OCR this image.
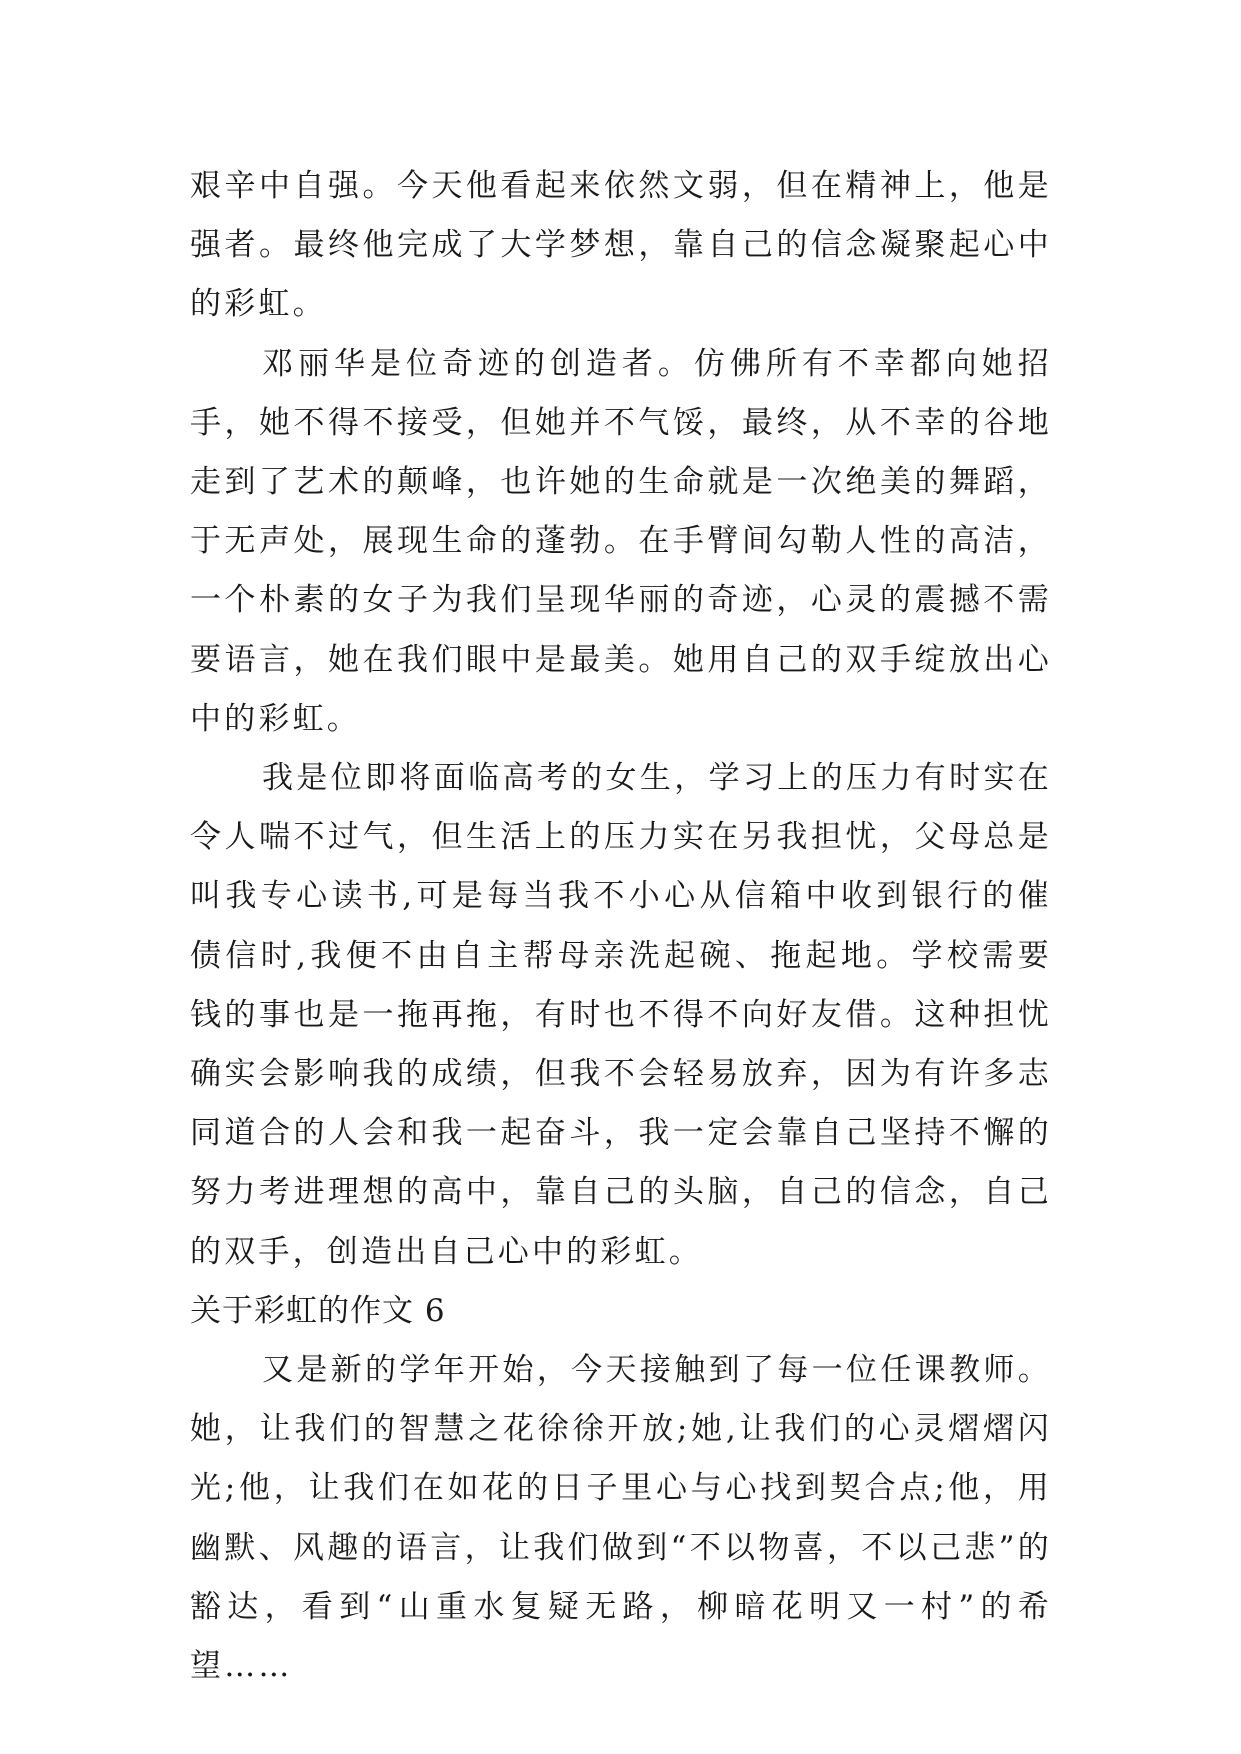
艰辛中自强。今天他看起来依然文弱，但在精神上，他是强者。最终他完成了大学梦想，靠自己的信念凝聚起心中的彩虹。

邓丽华是位奇迹的创造者。仿佛所有不幸都向她招手，她不得不接受，但她并不气馁，最终，从不幸的谷地走到了艺术的颠峰，也许她的生命就是一次绝美的舞蹈，于无声处，展现生命的蓬勃。在手臂间勾勒人性的高洁，一个朴素的女子为我们呈现华丽的奇迹，心灵的震撼不需要语言，她在我们眼中是最美。她用自己的双手绽放出心中的彩虹。

我是位即将面临高考的女生，学习上的压力有时实在令人喘不过气，但生活上的压力实在另我担忧，父母总是叫我专心读书,可是每当我不小心从信箱中收到银行的催债信时,我便不由自主帮母亲洗起碗、拖起地。学校需要钱的事也是一拖再拖，有时也不得不向好友借。这种担忧确实会影响我的成绩，但我不会轻易放弃，因为有许多志同道合的人会和我一起奋斗，我一定会靠自己坚持不懈的努力考进理想的高中，靠自己的头脑，自己的信念，自己的双手，创造出自己心中的彩虹。

关于彩虹的作文 6

又是新的学年开始，今天接触到了每一位任课教师。她，让我们的智慧之花徐徐开放;她,让我们的心灵熠熠闪光;他，让我们在如花的日子里心与心找到契合点;他，用幽默、风趣的语言，让我们做到“不以物喜，不以己悲”的豁达，看到“山重水复疑无路，柳暗花明又一村”的希望……
